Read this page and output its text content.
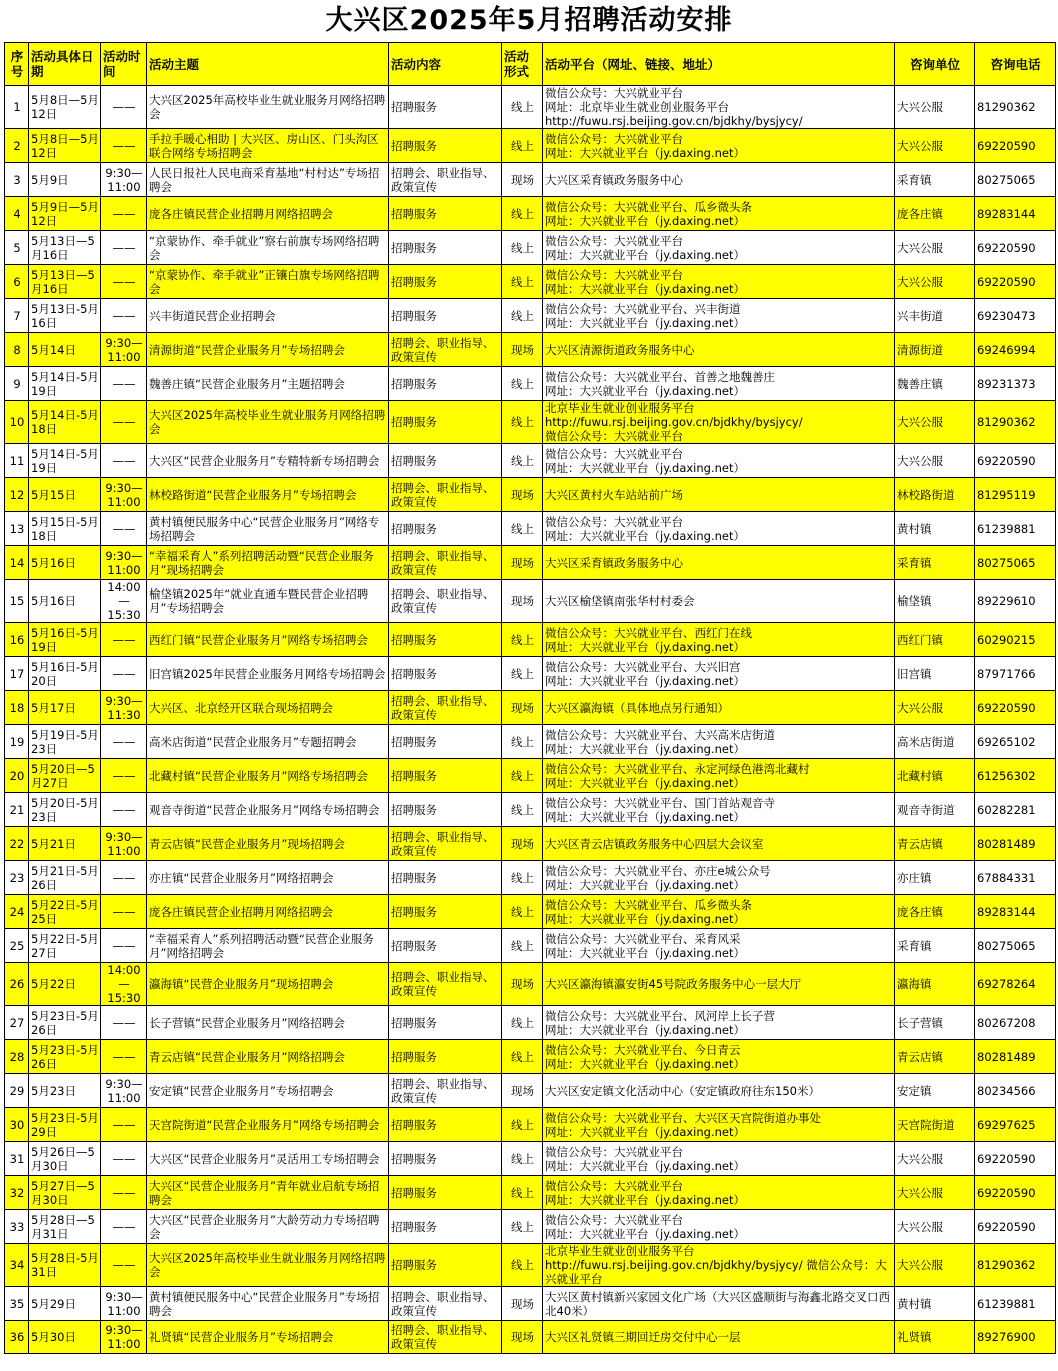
大兴区2025年5月招聘活动安排
序号	活动具体日期	活动时间	活动主题	活动内容	活动形式	活动平台（网址、链接、地址）	咨询单位	咨询电话
1	5月8日—5月12日	——	大兴区2025年高校毕业生就业服务月网络招聘会	招聘服务	线上	微信公众号：大兴就业平台
网址：北京毕业生就业创业服务平台
http://fuwu.rsj.beijing.gov.cn/bjdkhy/bysjycy/	大兴公服	81290362
2	5月8日—5月12日	——	手拉手暖心相助 | 大兴区、房山区、门头沟区联合网络专场招聘会	招聘服务	线上	微信公众号：大兴就业平台
网址：大兴就业平台（jy.daxing.net）	大兴公服	69220590
3	5月9日	9:30—11:00	人民日报社人民电商采育基地“村村达”专场招聘会	招聘会、职业指导、政策宣传	现场	大兴区采育镇政务服务中心	采育镇	80275065
4	5月9日—5月12日	——	庞各庄镇民营企业招聘月网络招聘会	招聘服务	线上	微信公众号：大兴就业平台、瓜乡微头条
网址：大兴就业平台（jy.daxing.net）	庞各庄镇	89283144
5	5月13日—5月16日	——	“京蒙协作、牵手就业”察右前旗专场网络招聘会	招聘服务	线上	微信公众号：大兴就业平台
网址：大兴就业平台（jy.daxing.net）	大兴公服	69220590
6	5月13日—5月16日	——	“京蒙协作、牵手就业”正镶白旗专场网络招聘会	招聘服务	线上	微信公众号：大兴就业平台
网址：大兴就业平台（jy.daxing.net）	大兴公服	69220590
7	5月13日-5月16日	——	兴丰街道民营企业招聘会	招聘服务	线上	微信公众号：大兴就业平台、兴丰街道
网址：大兴就业平台（jy.daxing.net）	兴丰街道	69230473
8	5月14日	9:30—11:00	清源街道“民营企业服务月”专场招聘会	招聘会、职业指导、政策宣传	现场	大兴区清源街道政务服务中心	清源街道	69246994
9	5月14日-5月19日	——	魏善庄镇“民营企业服务月”主题招聘会	招聘服务	线上	微信公众号：大兴就业平台、首善之地魏善庄
网址：大兴就业平台（jy.daxing.net）	魏善庄镇	89231373
10	5月14日-5月18日	——	大兴区2025年高校毕业生就业服务月网络招聘会	招聘服务	线上	北京毕业生就业创业服务平台
http://fuwu.rsj.beijing.gov.cn/bjdkhy/bysjycy/
微信公众号：大兴就业平台	大兴公服	81290362
11	5月14日-5月19日	——	大兴区“民营企业服务月”专精特新专场招聘会	招聘服务	线上	微信公众号：大兴就业平台
网址：大兴就业平台（jy.daxing.net）	大兴公服	69220590
12	5月15日	9:30—11:00	林校路街道“民营企业服务月”专场招聘会	招聘会、职业指导、政策宣传	现场	大兴区黄村火车站站前广场	林校路街道	81295119
13	5月15日-5月18日	——	黄村镇便民服务中心“民营企业服务月”网络专场招聘会	招聘服务	线上	微信公众号：大兴就业平台
网址：大兴就业平台（jy.daxing.net）	黄村镇	61239881
14	5月16日	9:30—11:00	“幸福采育人”系列招聘活动暨“民营企业服务月”现场招聘会	招聘会、职业指导、政策宣传	现场	大兴区采育镇政务服务中心	采育镇	80275065
15	5月16日	14:00—15:30	榆垡镇2025年“就业直通车暨民营企业招聘月”专场招聘会	招聘会、职业指导、政策宣传	现场	大兴区榆垡镇南张华村村委会	榆垡镇	89229610
16	5月16日-5月19日	——	西红门镇“民营企业服务月”网络专场招聘会	招聘服务	线上	微信公众号：大兴就业平台、西红门在线
网址：大兴就业平台（jy.daxing.net）	西红门镇	60290215
17	5月16日-5月20日	——	旧宫镇2025年民营企业服务月网络专场招聘会	招聘服务	线上	微信公众号：大兴就业平台、大兴旧宫
网址：大兴就业平台（jy.daxing.net）	旧宫镇	87971766
18	5月17日	9:30—11:30	大兴区、北京经开区联合现场招聘会	招聘会、职业指导、政策宣传	现场	大兴区瀛海镇（具体地点另行通知）	大兴公服	69220590
19	5月19日-5月23日	——	高米店街道“民营企业服务月”专题招聘会	招聘服务	线上	微信公众号：大兴就业平台、大兴高米店街道
网址：大兴就业平台（jy.daxing.net）	高米店街道	69265102
20	5月20日—5月27日	——	北藏村镇“民营企业服务月”网络专场招聘会	招聘服务	线上	微信公众号：大兴就业平台、永定河绿色港湾北藏村
网址：大兴就业平台（jy.daxing.net）	北藏村镇	61256302
21	5月20日-5月23日	——	观音寺街道“民营企业服务月”网络专场招聘会	招聘服务	线上	微信公众号：大兴就业平台、国门首站观音寺
网址：大兴就业平台（jy.daxing.net）	观音寺街道	60282281
22	5月21日	9:30—11:00	青云店镇“民营企业服务月”现场招聘会	招聘会、职业指导、政策宣传	现场	大兴区青云店镇政务服务中心四层大会议室	青云店镇	80281489
23	5月21日-5月26日	——	亦庄镇“民营企业服务月”网络招聘会	招聘服务	线上	微信公众号：大兴就业平台、亦庄e城公众号
网址：大兴就业平台（jy.daxing.net）	亦庄镇	67884331
24	5月22日-5月25日	——	庞各庄镇民营企业招聘月网络招聘会	招聘服务	线上	微信公众号：大兴就业平台、瓜乡微头条
网址：大兴就业平台（jy.daxing.net）	庞各庄镇	89283144
25	5月22日-5月27日	——	“幸福采育人”系列招聘活动暨“民营企业服务月”网络招聘会	招聘服务	线上	微信公众号：大兴就业平台、采育风采
网址：大兴就业平台（jy.daxing.net）	采育镇	80275065
26	5月22日	14:00—15:30	瀛海镇“民营企业服务月”现场招聘会	招聘会、职业指导、政策宣传	现场	大兴区瀛海镇瀛安街45号院政务服务中心一层大厅	瀛海镇	69278264
27	5月23日-5月26日	——	长子营镇“民营企业服务月”网络招聘会	招聘服务	线上	微信公众号：大兴就业平台、风河岸上长子营
网址：大兴就业平台（jy.daxing.net）	长子营镇	80267208
28	5月23日-5月26日	——	青云店镇“民营企业服务月”网络招聘会	招聘服务	线上	微信公众号：大兴就业平台、今日青云
网址：大兴就业平台（jy.daxing.net）	青云店镇	80281489
29	5月23日	9:30—11:00	安定镇“民营企业服务月”专场招聘会	招聘会、职业指导、政策宣传	现场	大兴区安定镇文化活动中心（安定镇政府往东150米）	安定镇	80234566
30	5月23日-5月29日	——	天宫院街道“民营企业服务月”网络专场招聘会	招聘服务	线上	微信公众号：大兴就业平台、大兴区天宫院街道办事处
网址：大兴就业平台（jy.daxing.net）	天宫院街道	69297625
31	5月26日—5月30日	——	大兴区“民营企业服务月”灵活用工专场招聘会	招聘服务	线上	微信公众号：大兴就业平台
网址：大兴就业平台（jy.daxing.net）	大兴公服	69220590
32	5月27日—5月30日	——	大兴区“民营企业服务月”青年就业启航专场招聘会	招聘服务	线上	微信公众号：大兴就业平台
网址：大兴就业平台（jy.daxing.net）	大兴公服	69220590
33	5月28日—5月31日	——	大兴区“民营企业服务月”大龄劳动力专场招聘会	招聘服务	线上	微信公众号：大兴就业平台
网址：大兴就业平台（jy.daxing.net）	大兴公服	69220590
34	5月28日-5月31日	——	大兴区2025年高校毕业生就业服务月网络招聘会	招聘服务	线上	北京毕业生就业创业服务平台
http://fuwu.rsj.beijing.gov.cn/bjdkhy/bysjycy/ 微信公众号：大兴就业平台	大兴公服	81290362
35	5月29日	9:30—11:00	黄村镇便民服务中心“民营企业服务月”专场招聘会	招聘会、职业指导、政策宣传	现场	大兴区黄村镇新兴家园文化广场（大兴区盛顺街与海鑫北路交叉口西北40米）	黄村镇	61239881
36	5月30日	9:30—11:00	礼贤镇“民营企业服务月”专场招聘会	招聘会、职业指导、政策宣传	现场	大兴区礼贤镇三期回迁房交付中心一层	礼贤镇	89276900
